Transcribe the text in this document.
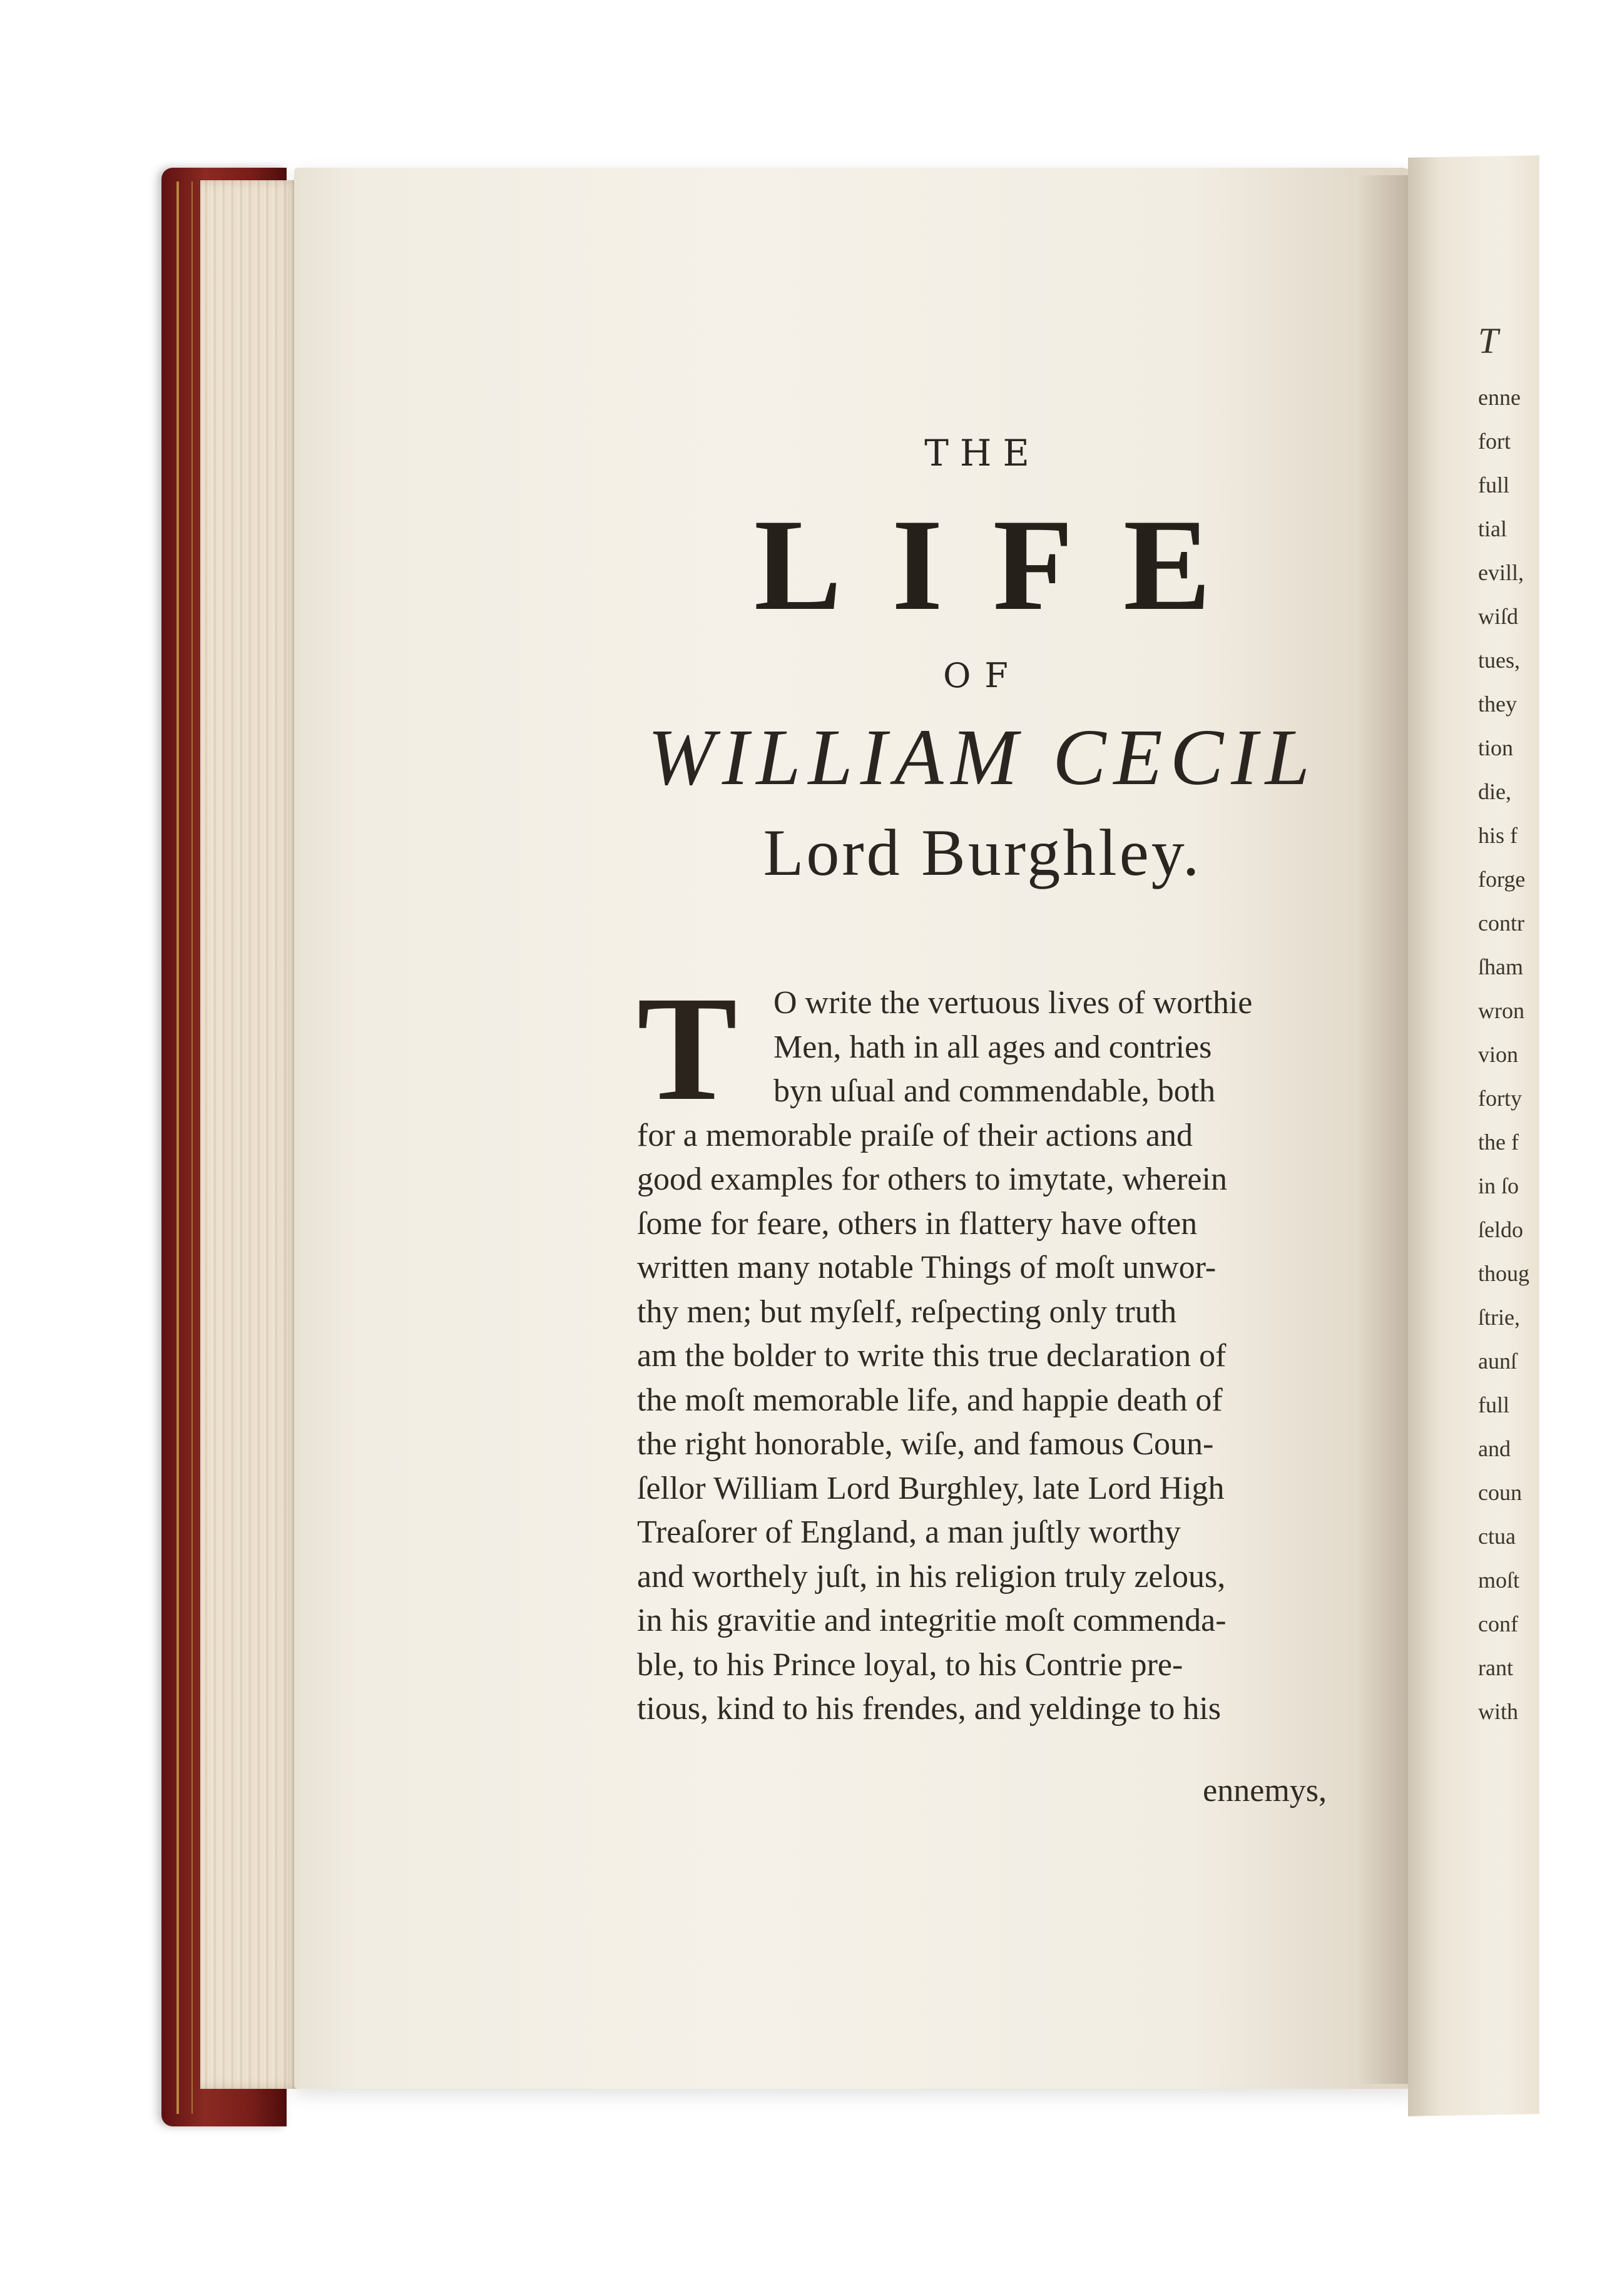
THE
LIFE
OF
WILLIAM CECIL
Lord Burghley.
T O write the vertuous lives of worthie
Men, hath in all ages and contries
byn uſual and commendable, both
for a memorable praiſe of their actions and
good examples for others to imytate, wherein
ſome for feare, others in flattery have often
written many notable Things of moſt unwor-
thy men; but myſelf, reſpecting only truth
am the bolder to write this true declaration of
the moſt memorable life, and happie death of
the right honorable, wiſe, and famous Coun-
ſellor William Lord Burghley, late Lord High
Treaſorer of England, a man juſtly worthy
and worthely juſt, in his religion truly zelous,
in his gravitie and integritie moſt commenda-
ble, to his Prince loyal, to his Contrie pre-
tious, kind to his frendes, and yeldinge to his
ennemys,
T
enne
fort
full
tial
evill,
wiſd
tues,
they
tion
die,
his f
forge
contr
ſham
wron
vion
forty
the f
in ſo
ſeldo
thoug
ſtrie,
aunſ
full
and
coun
ctua
moſt
conf
rant
with
